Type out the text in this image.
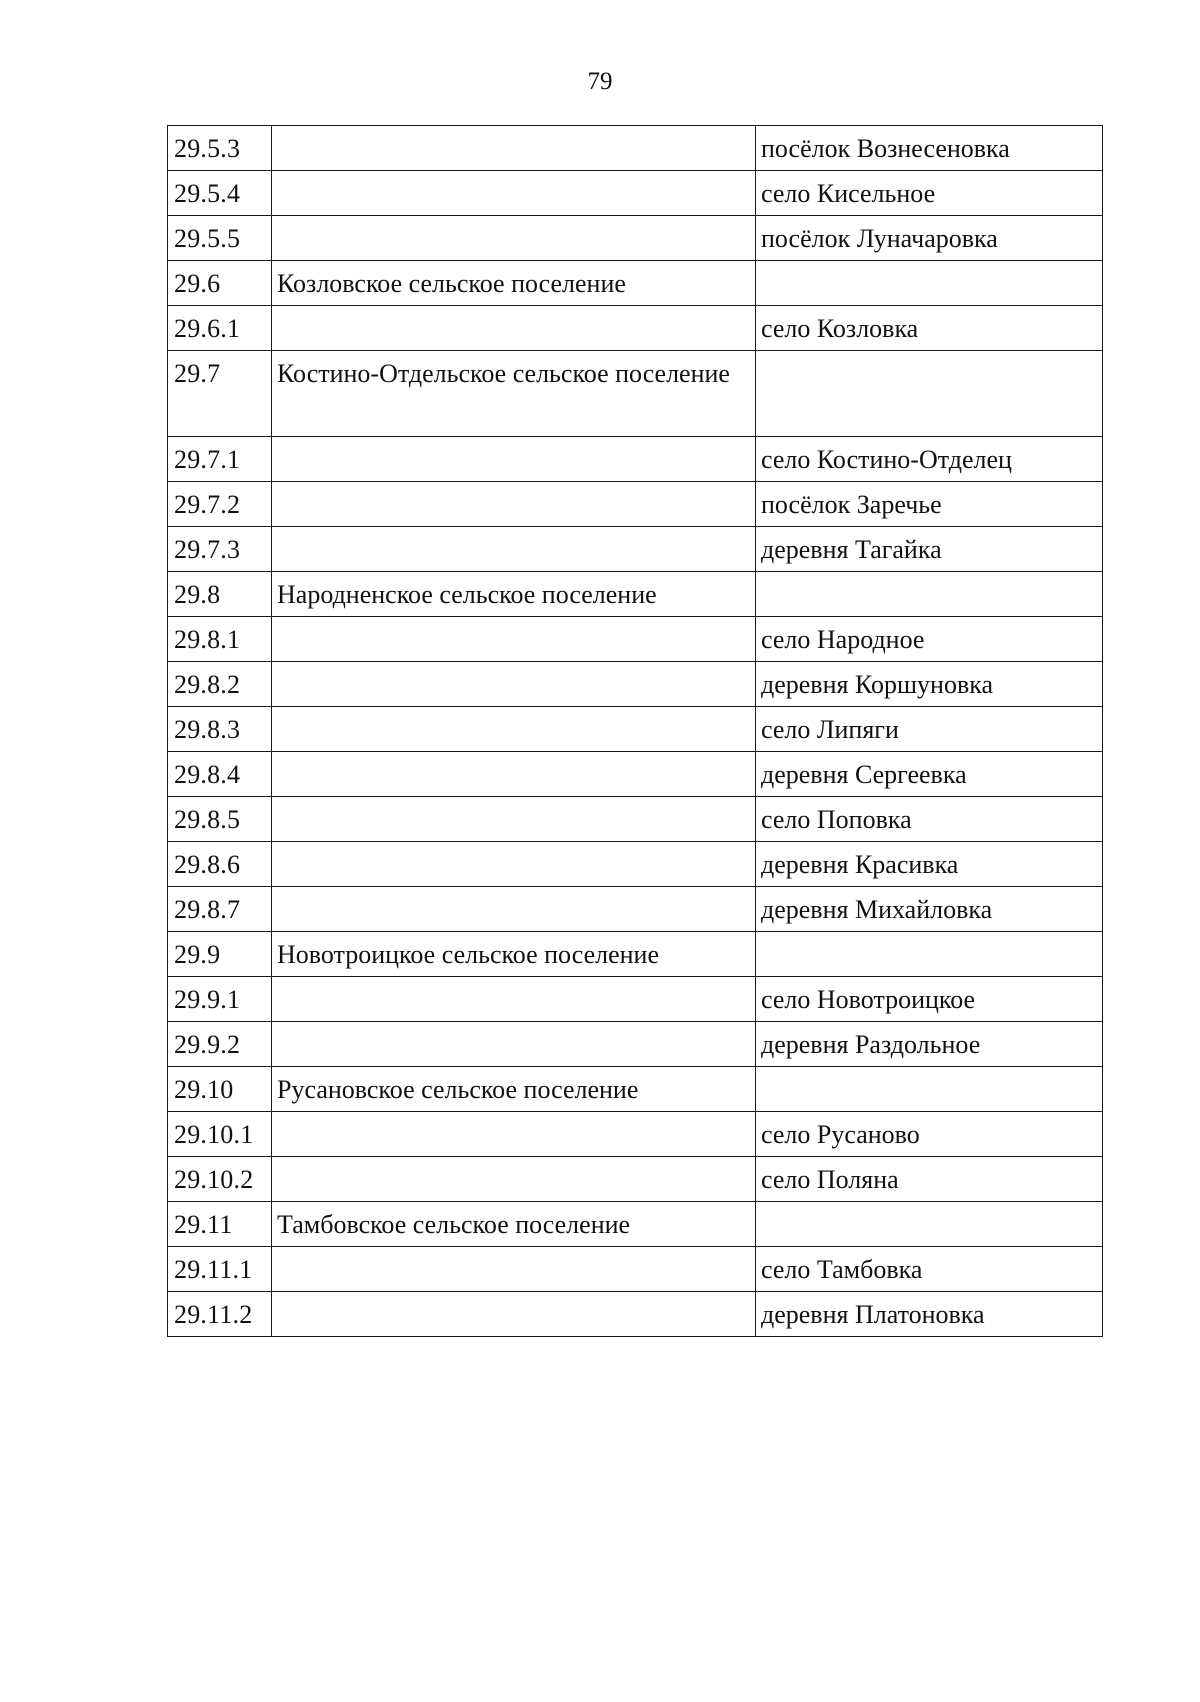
79
29.5.3		посёлок Вознесеновка
29.5.4		село Кисельное
29.5.5		посёлок Луначаровка
29.6	Козловское сельское поселение	
29.6.1		село Козловка
29.7	Костино-Отдельское сельское поселение	
29.7.1		село Костино-Отделец
29.7.2		посёлок Заречье
29.7.3		деревня Тагайка
29.8	Народненское сельское поселение	
29.8.1		село Народное
29.8.2		деревня Коршуновка
29.8.3		село Липяги
29.8.4		деревня Сергеевка
29.8.5		село Поповка
29.8.6		деревня Красивка
29.8.7		деревня Михайловка
29.9	Новотроицкое сельское поселение	
29.9.1		село Новотроицкое
29.9.2		деревня Раздольное
29.10	Русановское сельское поселение	
29.10.1		село Русаново
29.10.2		село Поляна
29.11	Тамбовское сельское поселение	
29.11.1		село Тамбовка
29.11.2		деревня Платоновка
